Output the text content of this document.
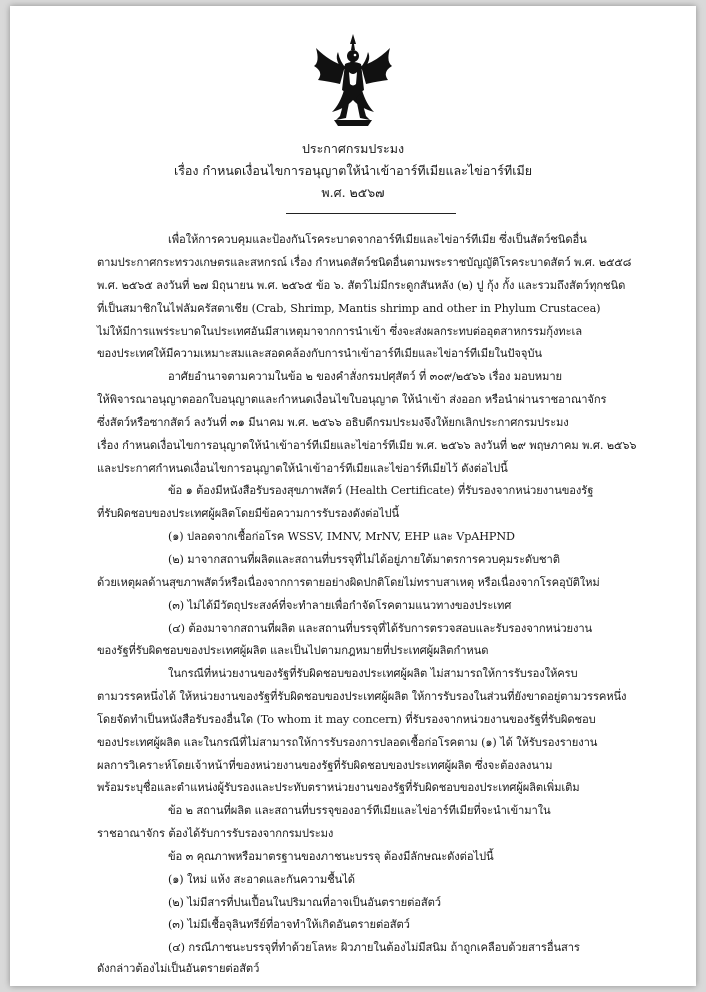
ประกาศกรมประมง
เรื่อง กำหนดเงื่อนไขการอนุญาตให้นำเข้าอาร์ทีเมียและไข่อาร์ทีเมีย
พ.ศ. ๒๕๖๗
เพื่อให้การควบคุมและป้องกันโรคระบาดจากอาร์ทีเมียและไข่อาร์ทีเมีย ซึ่งเป็นสัตว์ชนิดอื่น
ตามประกาศกระทรวงเกษตรและสหกรณ์ เรื่อง กำหนดสัตว์ชนิดอื่นตามพระราชบัญญัติโรคระบาดสัตว์ พ.ศ. ๒๕๕๘
พ.ศ. ๒๕๖๕ ลงวันที่ ๒๗ มิถุนายน พ.ศ. ๒๕๖๕ ข้อ ๖. สัตว์ไม่มีกระดูกสันหลัง (๒) ปู กุ้ง กั้ง และรวมถึงสัตว์ทุกชนิด
ที่เป็นสมาชิกในไฟลัมครัสตาเชีย (Crab, Shrimp, Mantis shrimp and other in Phylum Crustacea)
ไม่ให้มีการแพร่ระบาดในประเทศอันมีสาเหตุมาจากการนำเข้า ซึ่งจะส่งผลกระทบต่ออุตสาหกรรมกุ้งทะเล
ของประเทศให้มีความเหมาะสมและสอดคล้องกับการนำเข้าอาร์ทีเมียและไข่อาร์ทีเมียในปัจจุบัน
อาศัยอำนาจตามความในข้อ ๒ ของคำสั่งกรมปศุสัตว์ ที่ ๓๐๙/๒๕๖๖ เรื่อง มอบหมาย
ให้พิจารณาอนุญาตออกใบอนุญาตและกำหนดเงื่อนไขใบอนุญาต ให้นำเข้า ส่งออก หรือนำผ่านราชอาณาจักร
ซึ่งสัตว์หรือซากสัตว์ ลงวันที่ ๓๑ มีนาคม พ.ศ. ๒๕๖๖ อธิบดีกรมประมงจึงให้ยกเลิกประกาศกรมประมง
เรื่อง กำหนดเงื่อนไขการอนุญาตให้นำเข้าอาร์ทีเมียและไข่อาร์ทีเมีย พ.ศ. ๒๕๖๖ ลงวันที่ ๒๙ พฤษภาคม พ.ศ. ๒๕๖๖
และประกาศกำหนดเงื่อนไขการอนุญาตให้นำเข้าอาร์ทีเมียและไข่อาร์ทีเมียไว้ ดังต่อไปนี้
ข้อ ๑ ต้องมีหนังสือรับรองสุขภาพสัตว์ (Health Certificate) ที่รับรองจากหน่วยงานของรัฐ
ที่รับผิดชอบของประเทศผู้ผลิตโดยมีข้อความการรับรองดังต่อไปนี้
(๑) ปลอดจากเชื้อก่อโรค WSSV, IMNV, MrNV, EHP และ VpAHPND
(๒) มาจากสถานที่ผลิตและสถานที่บรรจุที่ไม่ได้อยู่ภายใต้มาตรการควบคุมระดับชาติ
ด้วยเหตุผลด้านสุขภาพสัตว์หรือเนื่องจากการตายอย่างผิดปกติโดยไม่ทราบสาเหตุ หรือเนื่องจากโรคอุบัติใหม่
(๓) ไม่ได้มีวัตถุประสงค์ที่จะทำลายเพื่อกำจัดโรคตามแนวทางของประเทศ
(๔) ต้องมาจากสถานที่ผลิต และสถานที่บรรจุที่ได้รับการตรวจสอบและรับรองจากหน่วยงาน
ของรัฐที่รับผิดชอบของประเทศผู้ผลิต และเป็นไปตามกฎหมายที่ประเทศผู้ผลิตกำหนด
ในกรณีที่หน่วยงานของรัฐที่รับผิดชอบของประเทศผู้ผลิต ไม่สามารถให้การรับรองให้ครบ
ตามวรรคหนึ่งได้ ให้หน่วยงานของรัฐที่รับผิดชอบของประเทศผู้ผลิต ให้การรับรองในส่วนที่ยังขาดอยู่ตามวรรคหนึ่ง
โดยจัดทำเป็นหนังสือรับรองอื่นใด (To whom it may concern) ที่รับรองจากหน่วยงานของรัฐที่รับผิดชอบ
ของประเทศผู้ผลิต และในกรณีที่ไม่สามารถให้การรับรองการปลอดเชื้อก่อโรคตาม (๑) ได้ ให้รับรองรายงาน
ผลการวิเคราะห์โดยเจ้าหน้าที่ของหน่วยงานของรัฐที่รับผิดชอบของประเทศผู้ผลิต ซึ่งจะต้องลงนาม
พร้อมระบุชื่อและตำแหน่งผู้รับรองและประทับตราหน่วยงานของรัฐที่รับผิดชอบของประเทศผู้ผลิตเพิ่มเติม
ข้อ ๒ สถานที่ผลิต และสถานที่บรรจุของอาร์ทีเมียและไข่อาร์ทีเมียที่จะนำเข้ามาใน
ราชอาณาจักร ต้องได้รับการรับรองจากกรมประมง
ข้อ ๓ คุณภาพหรือมาตรฐานของภาชนะบรรจุ ต้องมีลักษณะดังต่อไปนี้
(๑) ใหม่ แห้ง สะอาดและกันความชื้นได้
(๒) ไม่มีสารที่ปนเปื้อนในปริมาณที่อาจเป็นอันตรายต่อสัตว์
(๓) ไม่มีเชื้อจุลินทรีย์ที่อาจทำให้เกิดอันตรายต่อสัตว์
(๔) กรณีภาชนะบรรจุที่ทำด้วยโลหะ ผิวภายในต้องไม่มีสนิม ถ้าถูกเคลือบด้วยสารอื่นสาร
ดังกล่าวต้องไม่เป็นอันตรายต่อสัตว์
